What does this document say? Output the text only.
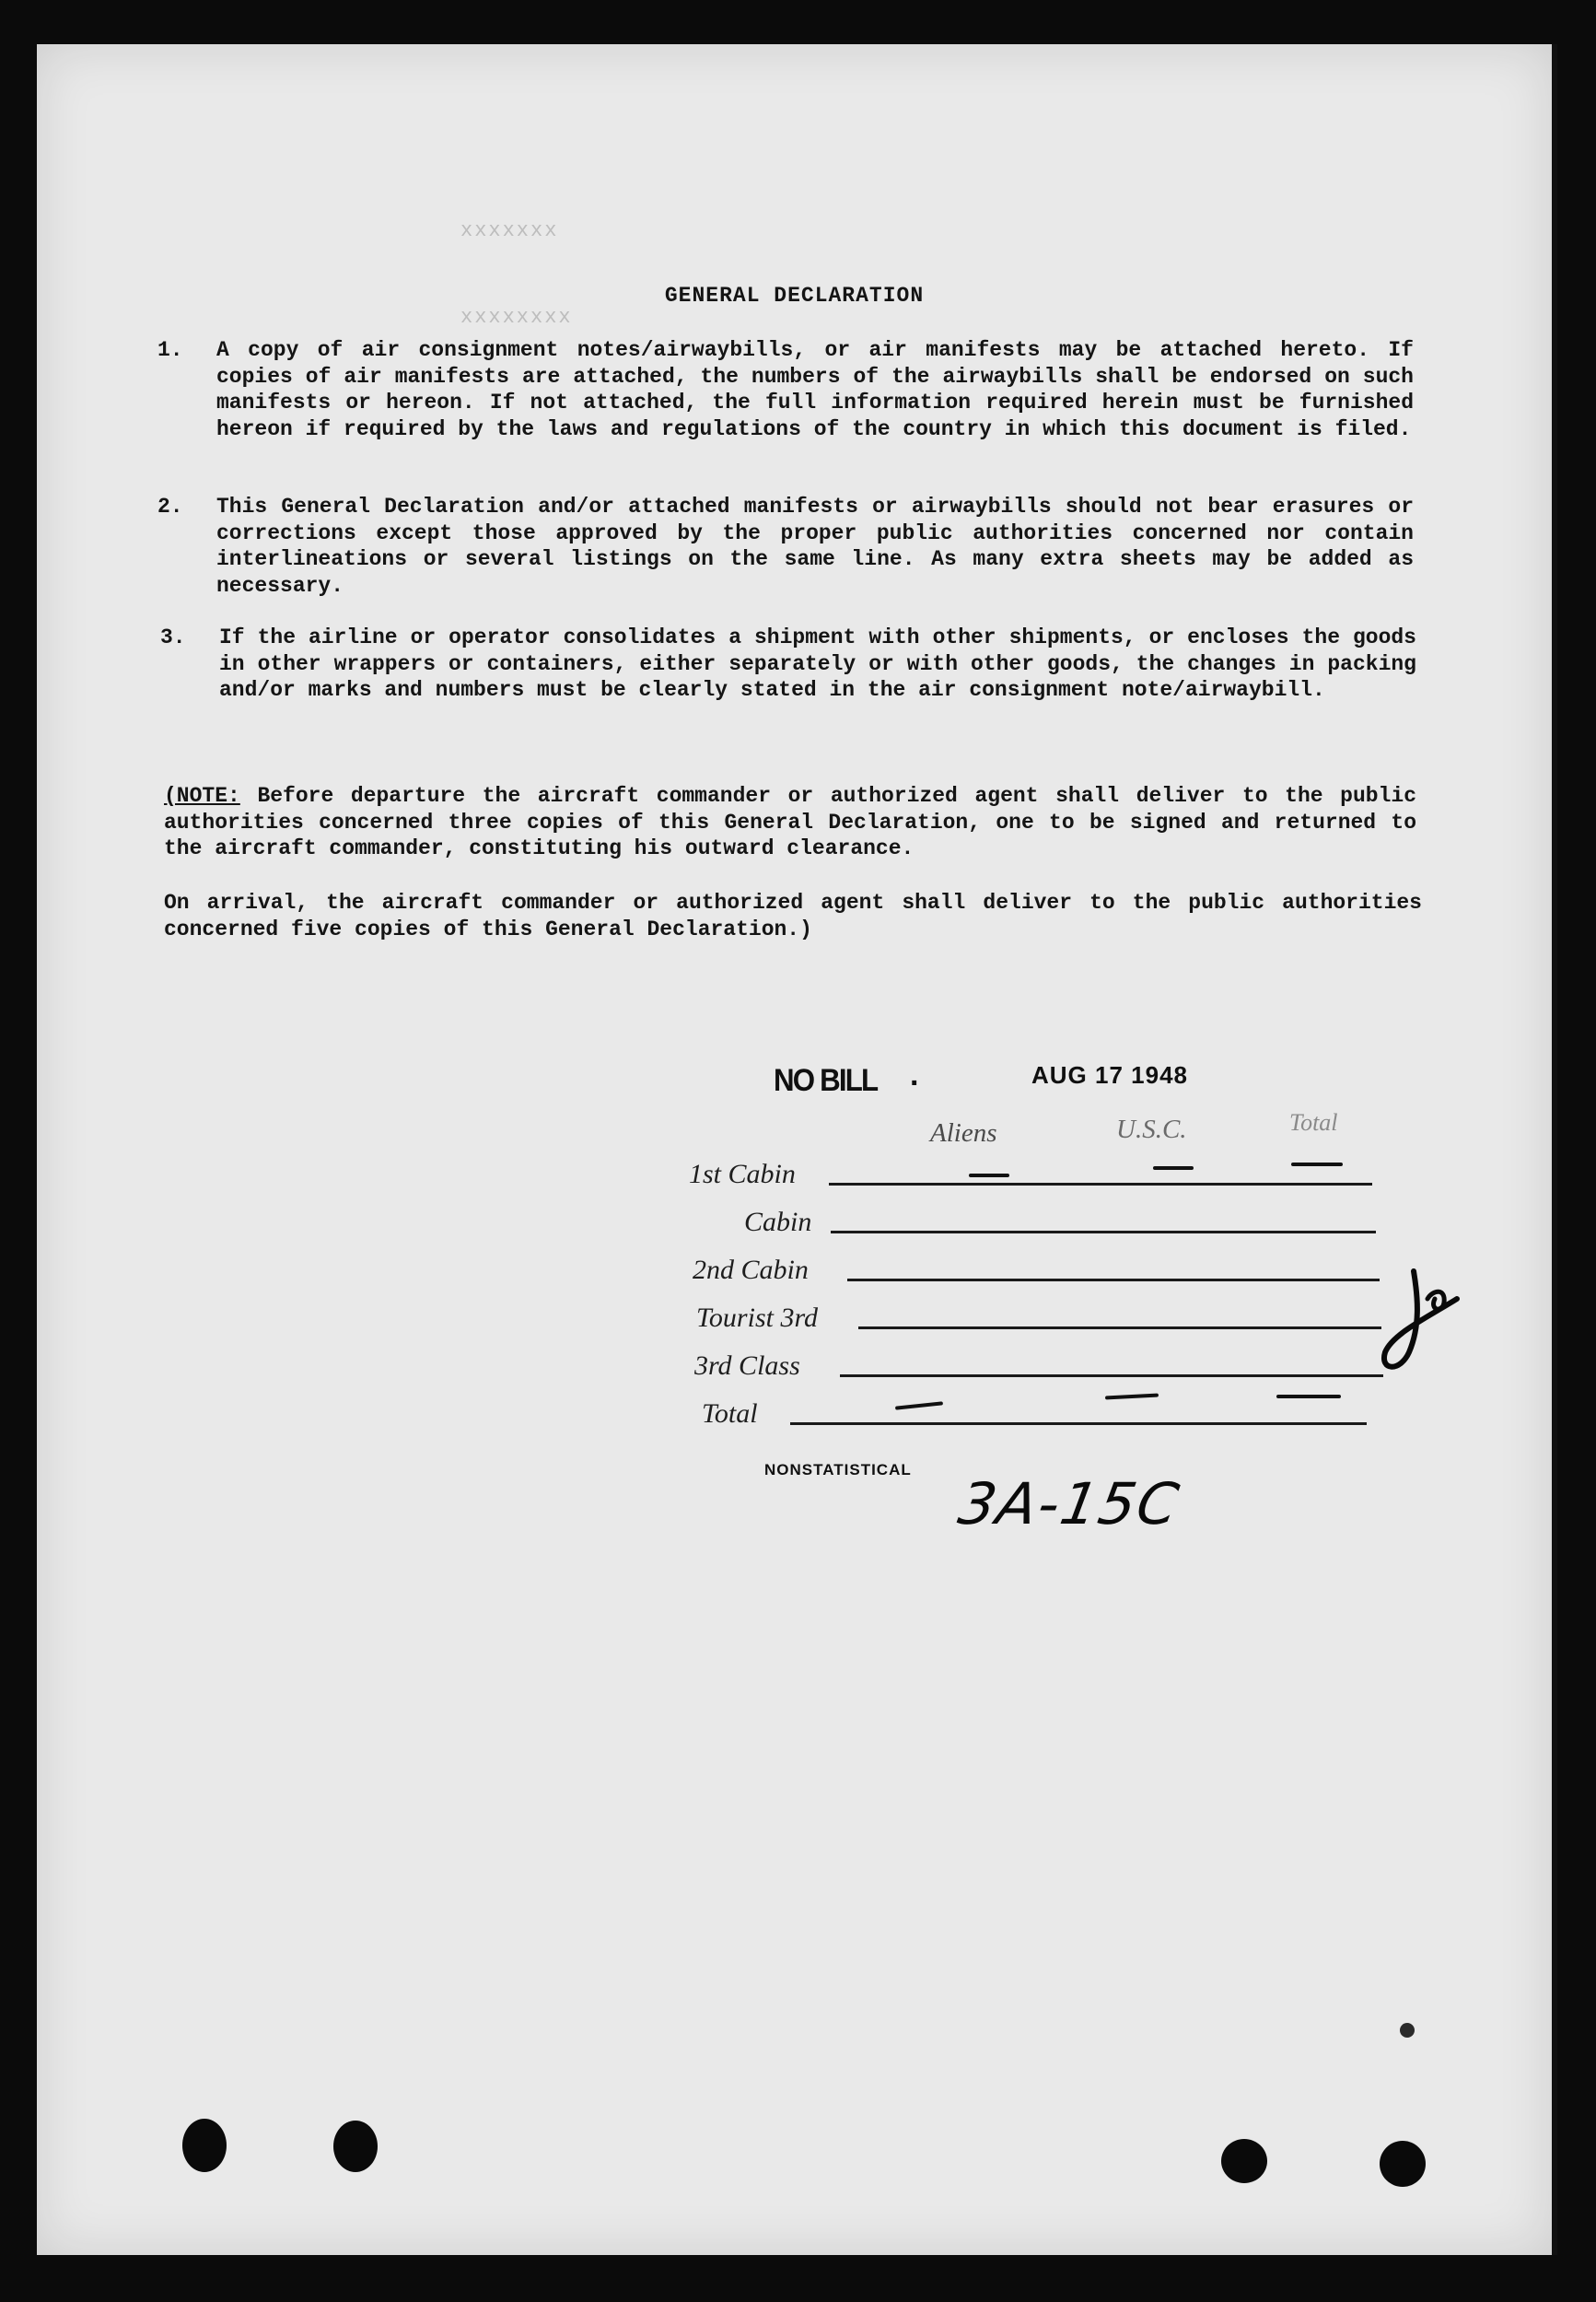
GENERAL DECLARATION
1. A copy of air consignment notes/airwaybills, or air manifests may be attached hereto. If copies of air manifests are attached, the numbers of the airwaybills shall be endorsed on such manifests or hereon. If not attached, the full information required herein must be furnished hereon if required by the laws and regulations of the country in which this document is filed.
2. This General Declaration and/or attached manifests or airwaybills should not bear erasures or corrections except those approved by the proper public authorities concerned nor contain interlineations or several listings on the same line. As many extra sheets may be added as necessary.
3. If the airline or operator consolidates a shipment with other shipments, or encloses the goods in other wrappers or containers, either separately or with other goods, the changes in packing and/or marks and numbers must be clearly stated in the air consignment note/airwaybill.
(NOTE: Before departure the aircraft commander or authorized agent shall deliver to the public authorities concerned three copies of this General Declaration, one to be signed and returned to the aircraft commander, constituting his outward clearance.
On arrival, the aircraft commander or authorized agent shall deliver to the public authorities concerned five copies of this General Declaration.)
xxxxxxx
xxxxxxxx
NO BILL .	AUG 17 1948
Aliens	U.S.C.	Total
1st Cabin
Cabin
2nd Cabin
Tourist 3rd
3rd Class
Total
NONSTATISTICAL
3A-15C
